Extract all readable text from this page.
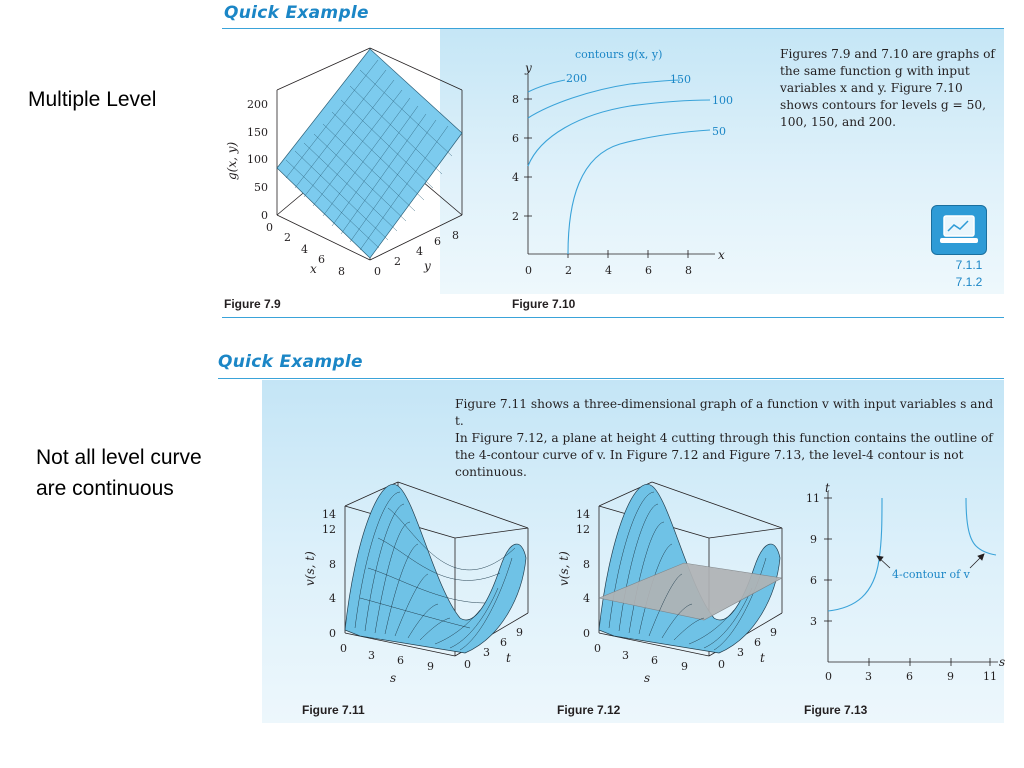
Multiple Level
Not all level curve
are continuous
Quick Example
0
50
100
150
200
g(x, y)
0
2
4
6
8
x	0
2
4
6 8
y
Figure 7.9
contours g(x, y)
200	150
100
50
y
x
0	2	4	6	8
2
4
6
8
Figure 7.10
Figures 7.9 and 7.10 are graphs of
the same function g with input
variables x and y. Figure 7.10
shows contours for levels g = 50,
100, 150, and 200.
7.1.1
7.1.2
Quick Example
Figure 7.11 shows a three-dimensional graph of a function v with input variables s and t.
In Figure 7.12, a plane at height 4 cutting through this function contains the outline of
the 4-contour curve of v. In Figure 7.12 and Figure 7.13, the level-4 contour is not
continuous.
0
4
8
12
14
v(s, t)
0
3 6 9
s
0
3
6
9
t
Figure 7.11
0
4
8
12
14
v(s, t)
0
3 6 9
s
0
3
6
9
t
Figure 7.12
4-contour of v
t
s
0	3	6	9	11
3
6
9
11
Figure 7.13
